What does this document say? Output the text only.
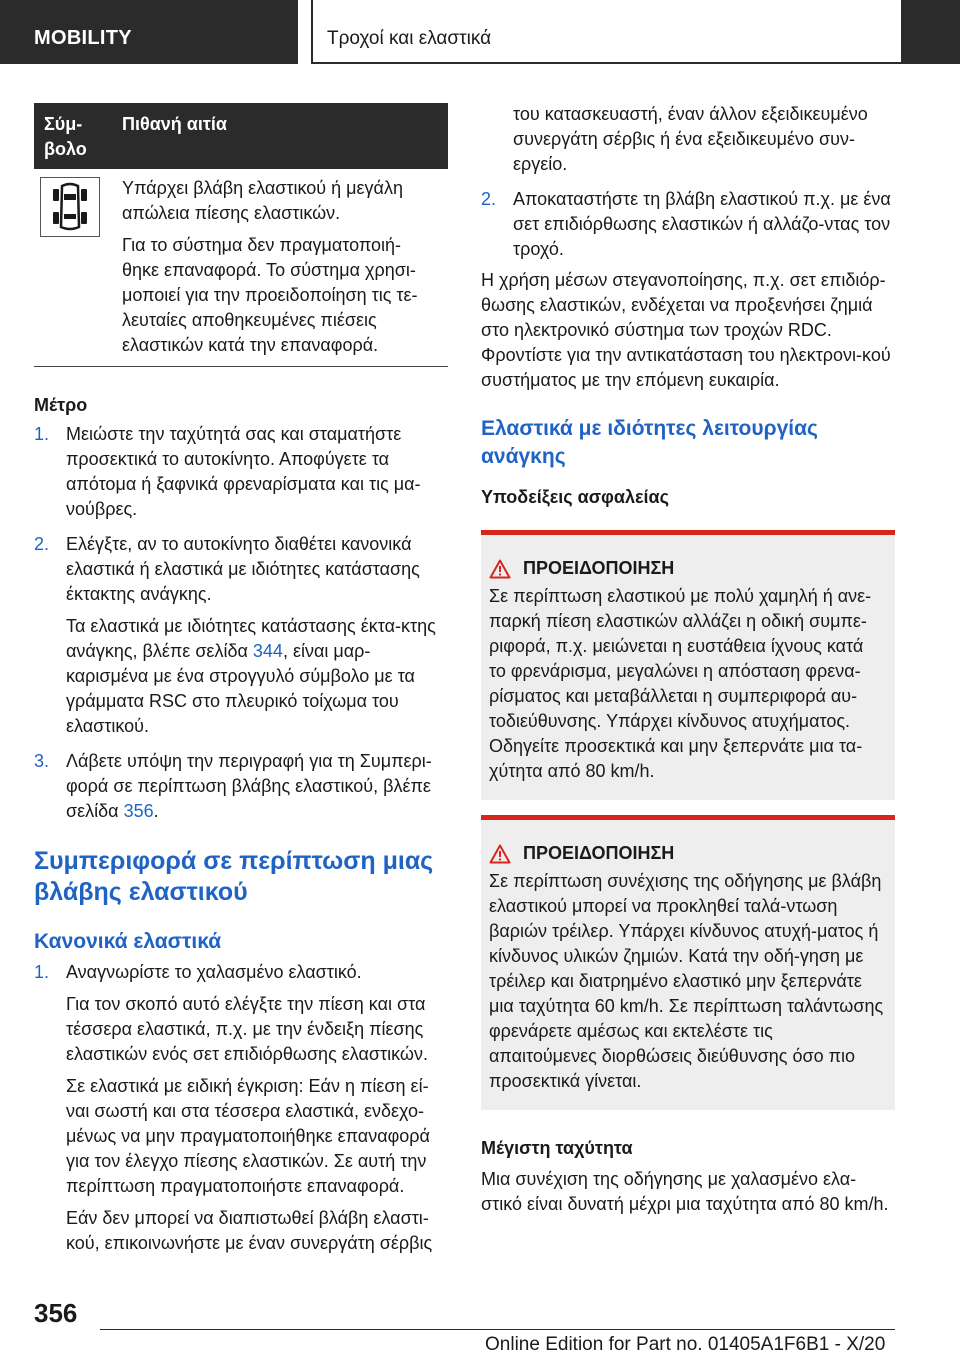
MOBILITY	Τροχοί και ελαστικά
Σύμ-βολο	Πιθανή αιτία

Υπάρχει βλάβη ελαστικού ή μεγάλη απώλεια πίεσης ελαστικών.

Για το σύστημα δεν πραγματοποιή-θηκε επαναφορά. Το σύστημα χρησι-μοποιεί για την προειδοποίηση τις τε-λευταίες αποθηκευμένες πιέσεις ελαστικών κατά την επαναφορά.

Μέτρο
1. Μειώστε την ταχύτητά σας και σταματήστε προσεκτικά το αυτοκίνητο. Αποφύγετε τα απότομα ή ξαφνικά φρεναρίσματα και τις μα-νούβρες.

2. Ελέγξτε, αν το αυτοκίνητο διαθέτει κανονικά ελαστικά ή ελαστικά με ιδιότητες κατάστασης έκτακτης ανάγκης.

Τα ελαστικά με ιδιότητες κατάστασης έκτα-κτης ανάγκης, βλέπε σελίδα 344, είναι μαρ-καρισμένα με ένα στρογγυλό σύμβολο με τα γράμματα RSC στο πλευρικό τοίχωμα του ελαστικού.

3. Λάβετε υπόψη την περιγραφή για τη Συμπερι-φορά σε περίπτωση βλάβης ελαστικού, βλέπε σελίδα 356.

Συμπεριφορά σε περίπτωση μιας βλάβης ελαστικού
Κανονικά ελαστικά
1. Αναγνωρίστε το χαλασμένο ελαστικό.

Για τον σκοπό αυτό ελέγξτε την πίεση και στα τέσσερα ελαστικά, π.χ. με την ένδειξη πίεσης ελαστικών ενός σετ επιδιόρθωσης ελαστικών.

Σε ελαστικά με ειδική έγκριση: Εάν η πίεση εί-ναι σωστή και στα τέσσερα ελαστικά, ενδεχο-μένως να μην πραγματοποιήθηκε επαναφορά για τον έλεγχο πίεσης ελαστικών. Σε αυτή την περίπτωση πραγματοποιήστε επαναφορά.

Εάν δεν μπορεί να διαπιστωθεί βλάβη ελαστι-κού, επικοινωνήστε με έναν συνεργάτη σέρβις

του κατασκευαστή, έναν άλλον εξειδικευμένο συνεργάτη σέρβις ή ένα εξειδικευμένο συν-εργείο.

2. Αποκαταστήστε τη βλάβη ελαστικού π.χ. με ένα σετ επιδιόρθωσης ελαστικών ή αλλάζο-ντας τον τροχό.

Η χρήση μέσων στεγανοποίησης, π.χ. σετ επιδιόρ-θωσης ελαστικών, ενδέχεται να προξενήσει ζημιά στο ηλεκτρονικό σύστημα των τροχών RDC. Φροντίστε για την αντικατάσταση του ηλεκτρονι-κού συστήματος με την επόμενη ευκαιρία.

Ελαστικά με ιδιότητες λειτουργίας ανάγκης
Υποδείξεις ασφαλείας
ΠΡΟΕΙΔΟΠΟΙΗΣΗ

Σε περίπτωση ελαστικού με πολύ χαμηλή ή ανε-παρκή πίεση ελαστικών αλλάζει η οδική συμπε-ριφορά, π.χ. μειώνεται η ευστάθεια ίχνους κατά το φρενάρισμα, μεγαλώνει η απόσταση φρενα-ρίσματος και μεταβάλλεται η συμπεριφορά αυ-τοδιεύθυνσης. Υπάρχει κίνδυνος ατυχήματος. Οδηγείτε προσεκτικά και μην ξεπερνάτε μια τα-χύτητα από 80 km/h.

ΠΡΟΕΙΔΟΠΟΙΗΣΗ

Σε περίπτωση συνέχισης της οδήγησης με βλάβη ελαστικού μπορεί να προκληθεί ταλά-ντωση βαριών τρέιλερ. Υπάρχει κίνδυνος ατυχή-ματος ή κίνδυνος υλικών ζημιών. Κατά την οδή-γηση με τρέιλερ και διατρημένο ελαστικό μην ξεπερνάτε μια ταχύτητα 60 km/h. Σε περίπτωση ταλάντωσης φρενάρετε αμέσως και εκτελέστε τις απαιτούμενες διορθώσεις διεύθυνσης όσο πιο προσεκτικά γίνεται.

Μέγιστη ταχύτητα

Μια συνέχιση της οδήγησης με χαλασμένο ελα-στικό είναι δυνατή μέχρι μια ταχύτητα από 80 km/h.

356
Online Edition for Part no. 01405A1F6B1 - X/20
